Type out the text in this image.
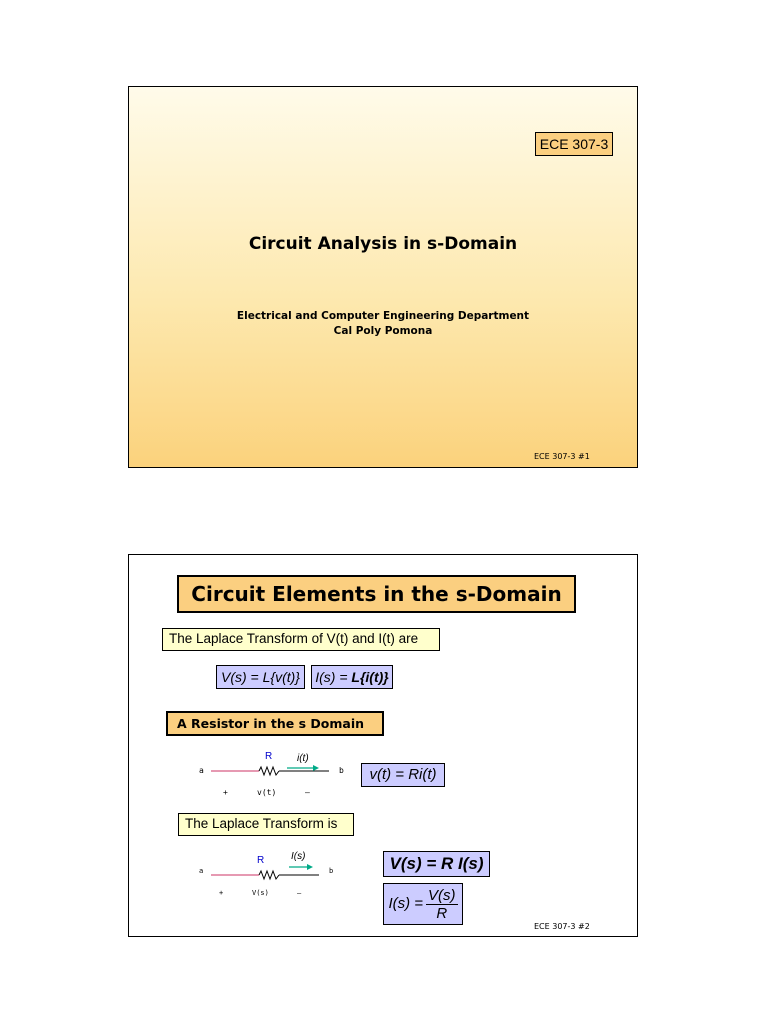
ECE 307-3
Circuit Analysis in s-Domain
Electrical and Computer Engineering Department
Cal Poly Pomona
ECE 307-3 #1
Circuit Elements in the s-Domain
The Laplace Transform of V(t) and I(t) are
V(s) = L{v(t)}	I(s) = L{i(t)}
A Resistor in the s Domain
a
R i(t)
b
+	v(t)	–
v(t) = Ri(t)
The Laplace Transform is
a
R	I(s)
b
+	V(s)	–
V(s) = R I(s)
$I(s) = \frac{V(s)}{R}$
ECE 307-3 #2
